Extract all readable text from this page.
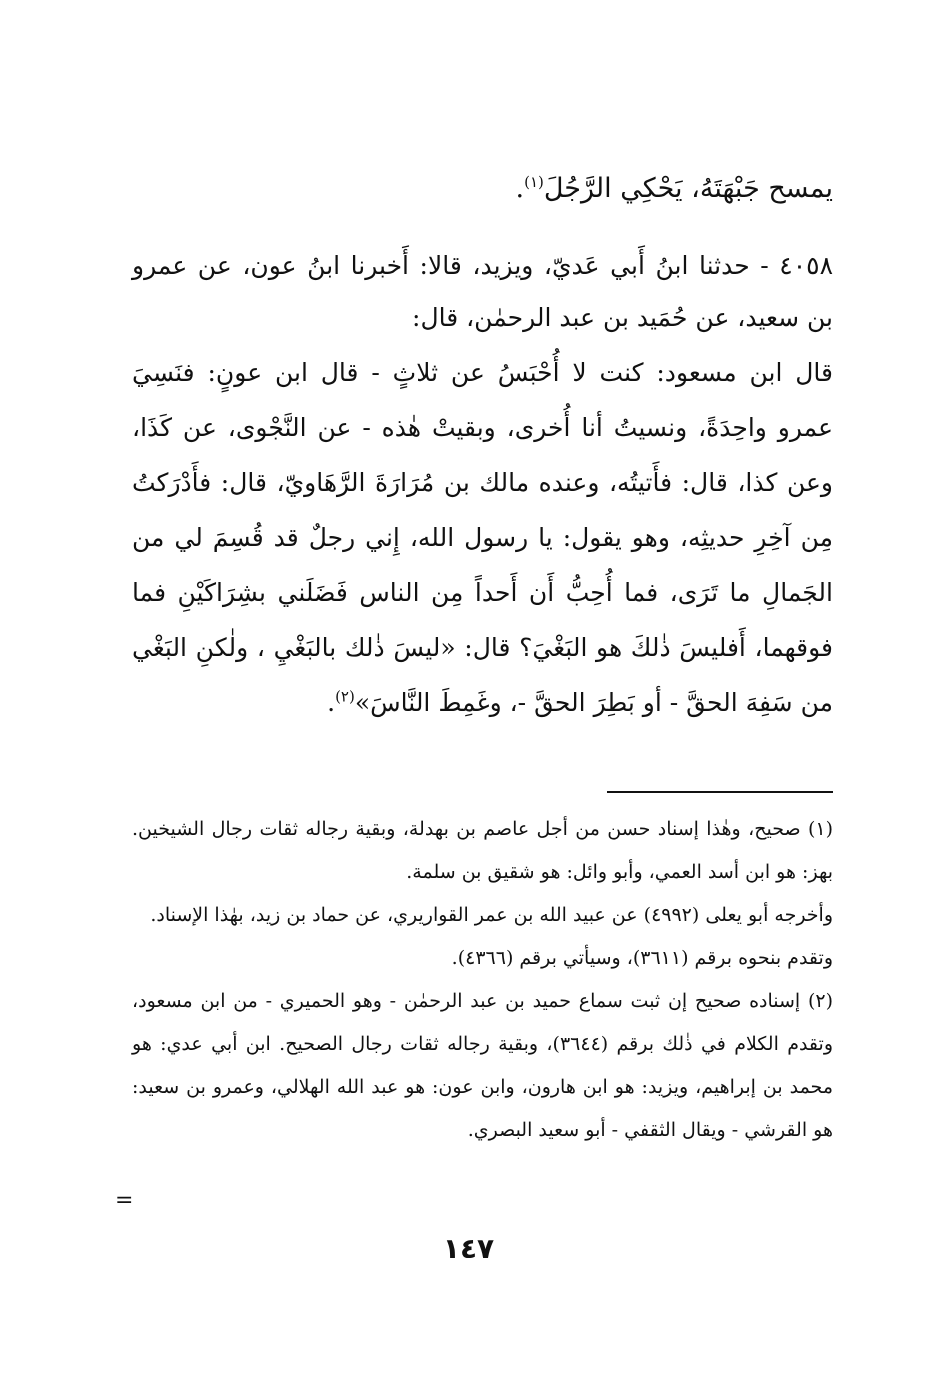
يمسح جَبْهَتَهُ، يَحْكِي الرَّجُلَ$^{(١)}$.

٤٠٥٨ - حدثنا ابنُ أَبي عَديّ، ويزيد، قالا: أَخبرنا ابنُ عون، عن عمرو بن سعيد، عن حُمَيد بن عبد الرحمٰن، قال:

قال ابن مسعود: كنت لا أُحْبَسُ عن ثلاثٍ - قال ابن عونٍ: فنَسِيَ عمرو واحِدَةً، ونسيتُ أنا أُخرى، وبقيتْ هٰذه - عن النَّجْوى، عن كَذَا، وعن كذا، قال: فأَتيتُه، وعنده مالك بن مُرَارَةَ الرَّهَاويّ، قال: فأَدْرَكتُ مِن آخِرِ حديثِه، وهو يقول: يا رسول الله، إِني رجلٌ قد قُسِمَ لي من الجَمالِ ما تَرَى، فما أُحِبُّ أَن أَحداً مِن الناس فَضَلَني بشِرَاكَيْنِ فما فوقهما، أَفليسَ ذٰلكَ هو البَغْيَ؟ قال: «ليسَ ذٰلك بالبَغْيِ ، ولٰكنِ البَغْي من سَفِهَ الحقَّ - أو بَطِرَ الحقَّ -، وغَمِطَ النَّاسَ»$^{(٢)}$.

(١) صحيح، وهٰذا إسناد حسن من أجل عاصم بن بهدلة، وبقية رجاله ثقات رجال الشيخين. بهز: هو ابن أسد العمي، وأبو وائل: هو شقيق بن سلمة.

وأخرجه أبو يعلى (٤٩٩٢) عن عبيد الله بن عمر القواريري، عن حماد بن زيد، بهٰذا الإسناد.

وتقدم بنحوه برقم (٣٦١١)، وسيأتي برقم (٤٣٦٦).

(٢) إسناده صحيح إن ثبت سماع حميد بن عبد الرحمٰن - وهو الحميري - من ابن مسعود، وتقدم الكلام في ذٰلك برقم (٣٦٤٤)، وبقية رجاله ثقات رجال الصحيح. ابن أبي عدي: هو محمد بن إبراهيم، ويزيد: هو ابن هارون، وابن عون: هو عبد الله الهلالي، وعمرو بن سعيد: هو القرشي - ويقال الثقفي - أبو سعيد البصري.

=
١٤٧
